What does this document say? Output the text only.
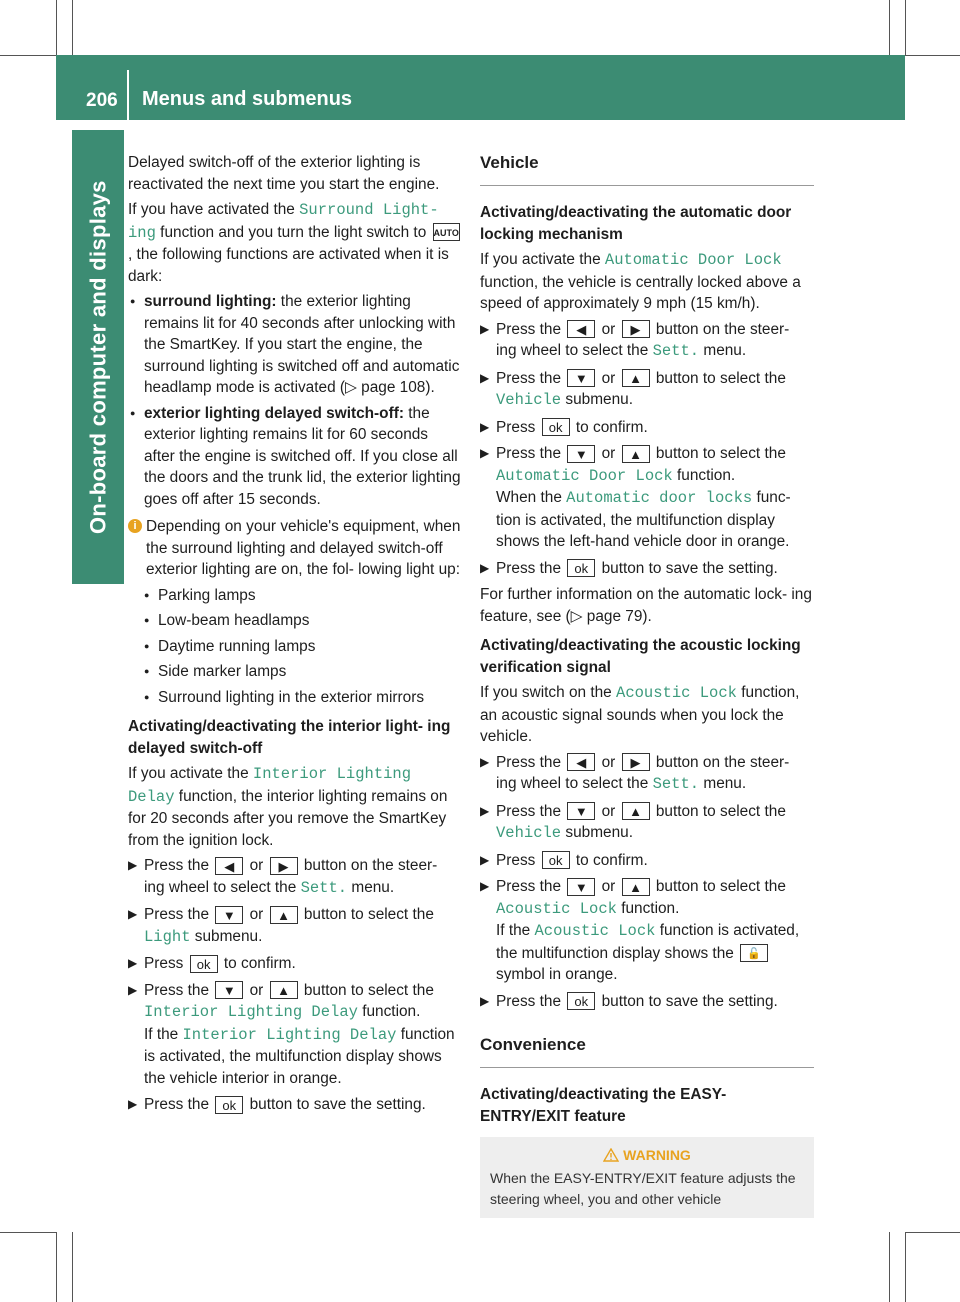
206 Menus and submenus
On-board computer and displays

Delayed switch-off of the exterior lighting is reactivated the next time you start the engine.

If you have activated the Surround Light- ing function and you turn the light switch to AUTO, the following functions are activated when it is dark:

● surround lighting: the exterior lighting remains lit for 40 seconds after unlocking with the SmartKey. If you start the engine, the surround lighting is switched off and automatic headlamp mode is activated (▷ page 108).
● exterior lighting delayed switch-off: the exterior lighting remains lit for 60 seconds after the engine is switched off. If you close all the doors and the trunk lid, the exterior lighting goes off after 15 seconds.
i Depending on your vehicle's equipment, when the surround lighting and delayed switch-off exterior lighting are on, the fol- lowing light up:
● Parking lamps
● Low-beam headlamps
● Daytime running lamps
● Side marker lamps
● Surround lighting in the exterior mirrors
Activating/deactivating the interior light- ing delayed switch-off

If you activate the Interior Lighting Delay function, the interior lighting remains on for 20 seconds after you remove the SmartKey from the ignition lock.

▶ Press the ◀ or ▶ button on the steer- ing wheel to select the Sett. menu.
▶ Press the ▼ or ▲ button to select the Light submenu.
▶ Press ok to confirm.
▶ Press the ▼ or ▲ button to select the Interior Lighting Delay function.
If the Interior Lighting Delay function is activated, the multifunction display shows the vehicle interior in orange.
▶ Press the ok button to save the setting.
Vehicle
Activating/deactivating the automatic door locking mechanism

If you activate the Automatic Door Lock function, the vehicle is centrally locked above a speed of approximately 9 mph (15 km/h).

▶ Press the ◀ or ▶ button on the steer- ing wheel to select the Sett. menu.
▶ Press the ▼ or ▲ button to select the Vehicle submenu.
▶ Press ok to confirm.
▶ Press the ▼ or ▲ button to select the Automatic Door Lock function.
When the Automatic door locks func- tion is activated, the multifunction display shows the left-hand vehicle door in orange.
▶ Press the ok button to save the setting.

For further information on the automatic lock- ing feature, see (▷ page 79).

Activating/deactivating the acoustic locking verification signal

If you switch on the Acoustic Lock function, an acoustic signal sounds when you lock the vehicle.

▶ Press the ◀ or ▶ button on the steer- ing wheel to select the Sett. menu.
▶ Press the ▼ or ▲ button to select the Vehicle submenu.
▶ Press ok to confirm.
▶ Press the ▼ or ▲ button to select the Acoustic Lock function.
If the Acoustic Lock function is activated, the multifunction display shows the 🔓 symbol in orange.
▶ Press the ok button to save the setting.
Convenience
Activating/deactivating the EASY- ENTRY/EXIT feature
WARNING
When the EASY-ENTRY/EXIT feature adjusts the steering wheel, you and other vehicle
